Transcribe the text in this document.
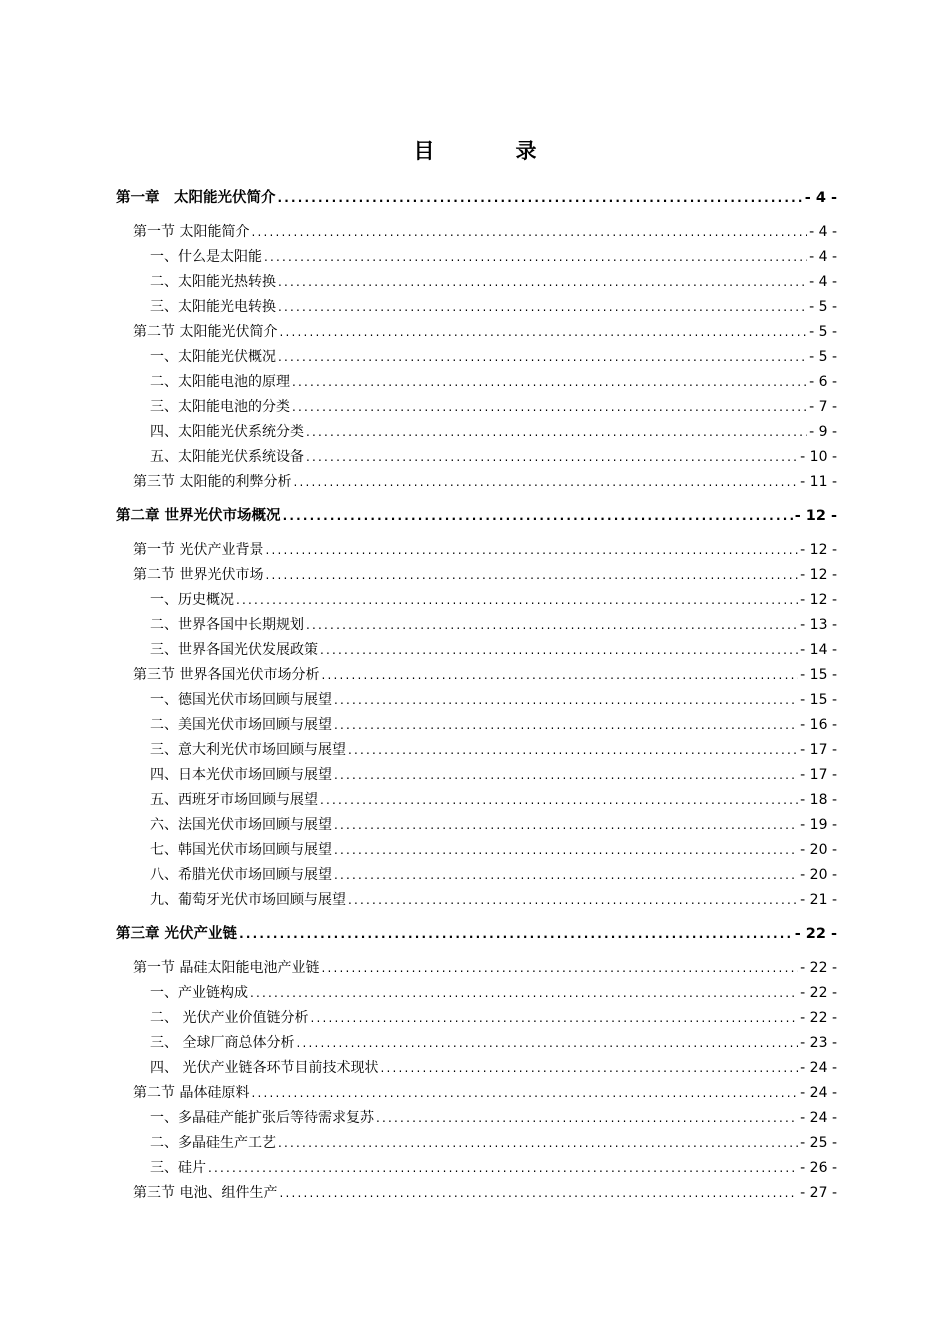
目　录
第一章　太阳能光伏简介 .....	- 4 -
第一节 太阳能简介 .....	- 4 -
一、什么是太阳能 .....	- 4 -
二、太阳能光热转换 .....	- 4 -
三、太阳能光电转换 .....	- 5 -
第二节 太阳能光伏简介 .....	- 5 -
一、太阳能光伏概况 .....	- 5 -
二、太阳能电池的原理 .....	- 6 -
三、太阳能电池的分类 .....	- 7 -
四、太阳能光伏系统分类 .....	- 9 -
五、太阳能光伏系统设备 .....	- 10 -
第三节 太阳能的利弊分析 .....	- 11 -
第二章 世界光伏市场概况 .....	- 12 -
第一节 光伏产业背景 .....	- 12 -
第二节 世界光伏市场 .....	- 12 -
一、历史概况 .....	- 12 -
二、世界各国中长期规划 .....	- 13 -
三、世界各国光伏发展政策 .....	- 14 -
第三节 世界各国光伏市场分析 .....	- 15 -
一、德国光伏市场回顾与展望 .....	- 15 -
二、美国光伏市场回顾与展望 .....	- 16 -
三、意大利光伏市场回顾与展望 .....	- 17 -
四、日本光伏市场回顾与展望 .....	- 17 -
五、西班牙市场回顾与展望 .....	- 18 -
六、法国光伏市场回顾与展望 .....	- 19 -
七、韩国光伏市场回顾与展望 .....	- 20 -
八、希腊光伏市场回顾与展望 .....	- 20 -
九、葡萄牙光伏市场回顾与展望 .....	- 21 -
第三章 光伏产业链 .....	- 22 -
第一节 晶硅太阳能电池产业链 .....	- 22 -
一、产业链构成 .....	- 22 -
二、 光伏产业价值链分析 .....	- 22 -
三、 全球厂商总体分析 .....	- 23 -
四、 光伏产业链各环节目前技术现状 .....	- 24 -
第二节 晶体硅原料 .....	- 24 -
一、多晶硅产能扩张后等待需求复苏 .....	- 24 -
二、多晶硅生产工艺 .....	- 25 -
三、硅片 .....	- 26 -
第三节 电池、组件生产 .....	- 27 -
